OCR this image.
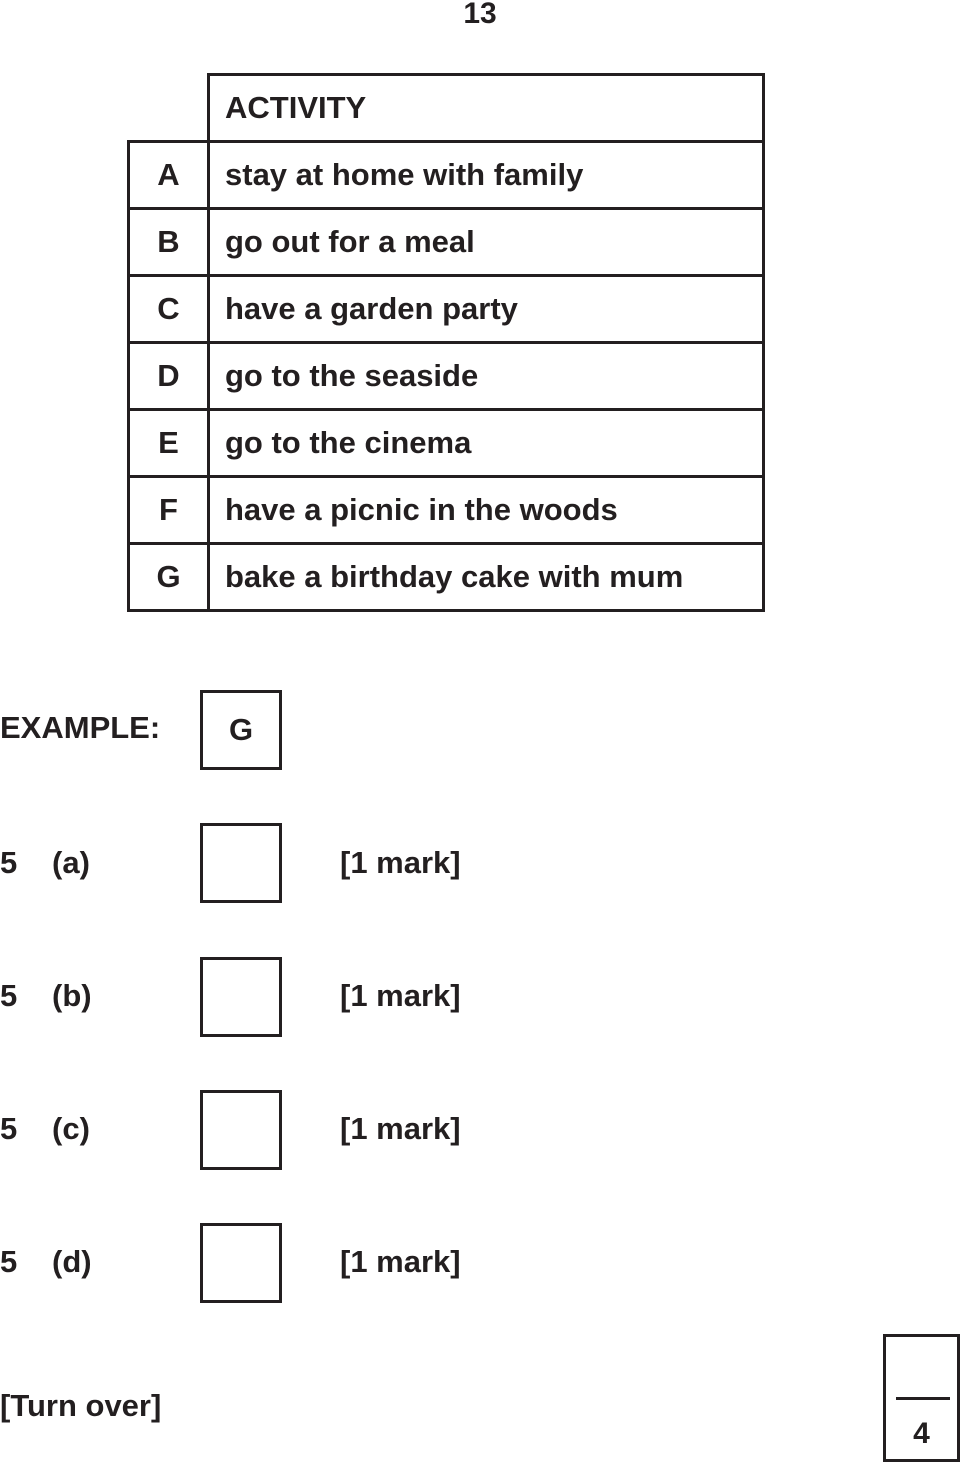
13
	ACTIVITY
A	stay at home with family
B	go out for a meal
C	have a garden party
D	go to the seaside
E	go to the cinema
F	have a picnic in the woods
G	bake a birthday cake with mum
EXAMPLE:	G
5 (a)	[1 mark]
5 (b)	[1 mark]
5 (c)	[1 mark]
5 (d)	[1 mark]
[Turn over]
4
